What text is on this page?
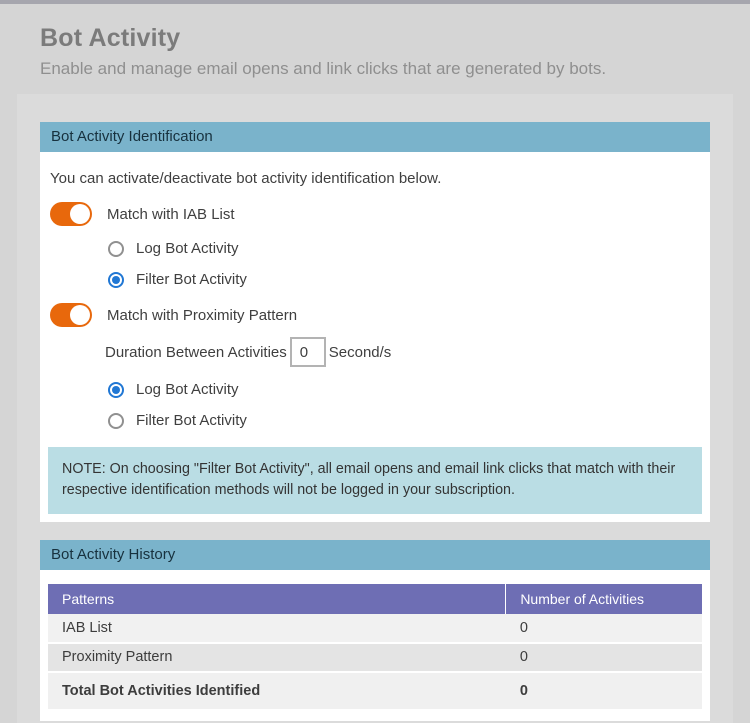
Bot Activity
Enable and manage email opens and link clicks that are generated by bots.
Bot Activity Identification
You can activate/deactivate bot activity identification below.
Match with IAB List
Log Bot Activity
Filter Bot Activity
Match with Proximity Pattern
Duration Between Activities
0	Second/s
Log Bot Activity
Filter Bot Activity
NOTE: On choosing "Filter Bot Activity", all email opens and email link clicks that match with their respective identification methods will not be logged in your subscription.
Bot Activity History
Patterns	Number of Activities
IAB List	0
Proximity Pattern	0
Total Bot Activities Identified	0
